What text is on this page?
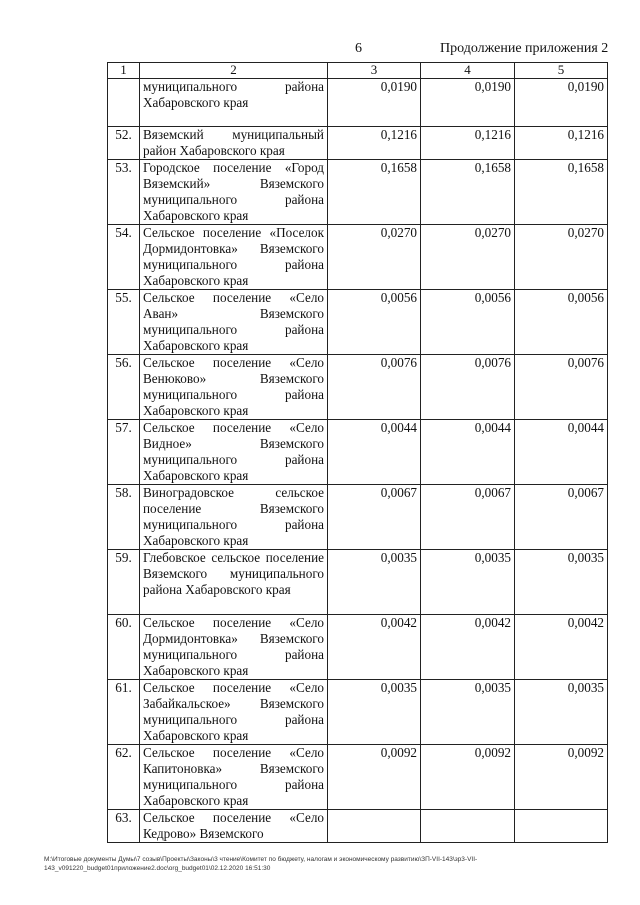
6	Продолжение приложения 2
1	2	3	4	5
	муниципального района Хабаровского края	0,0190	0,0190	0,0190
52.	Вяземский муниципальный район Хабаровского края	0,1216	0,1216	0,1216
53.	Городское поселение «Город Вяземский» Вяземского муниципального района Хабаровского края	0,1658	0,1658	0,1658
54.	Сельское поселение «Поселок Дормидонтовка» Вяземского муниципального района Хабаровского края	0,0270	0,0270	0,0270
55.	Сельское поселение «Село Аван» Вяземского муниципального района Хабаровского края	0,0056	0,0056	0,0056
56.	Сельское поселение «Село Венюково» Вяземского муниципального района Хабаровского края	0,0076	0,0076	0,0076
57.	Сельское поселение «Село Видное» Вяземского муниципального района Хабаровского края	0,0044	0,0044	0,0044
58.	Виноградовское сельское поселение Вяземского муниципального района Хабаровского края	0,0067	0,0067	0,0067
59.	Глебовское сельское поселение Вяземского муниципального района Хабаровского края	0,0035	0,0035	0,0035
60.	Сельское поселение «Село Дормидонтовка» Вяземского муниципального района Хабаровского края	0,0042	0,0042	0,0042
61.	Сельское поселение «Село Забайкальское» Вяземского муниципального района Хабаровского края	0,0035	0,0035	0,0035
62.	Сельское поселение «Село Капитоновка» Вяземского муниципального района Хабаровского края	0,0092	0,0092	0,0092
63.	Сельское поселение «Село Кедрово» Вяземского			
M:\Итоговые документы Думы\7 созыв\Проекты\Законы\3 чтение\Комитет по бюджету, налогам и экономическому развитию\ЗП-VII-143\зр3-VII-143_v091220_budget01приложение2.doc\org_budget01\02.12.2020 16:51:30
